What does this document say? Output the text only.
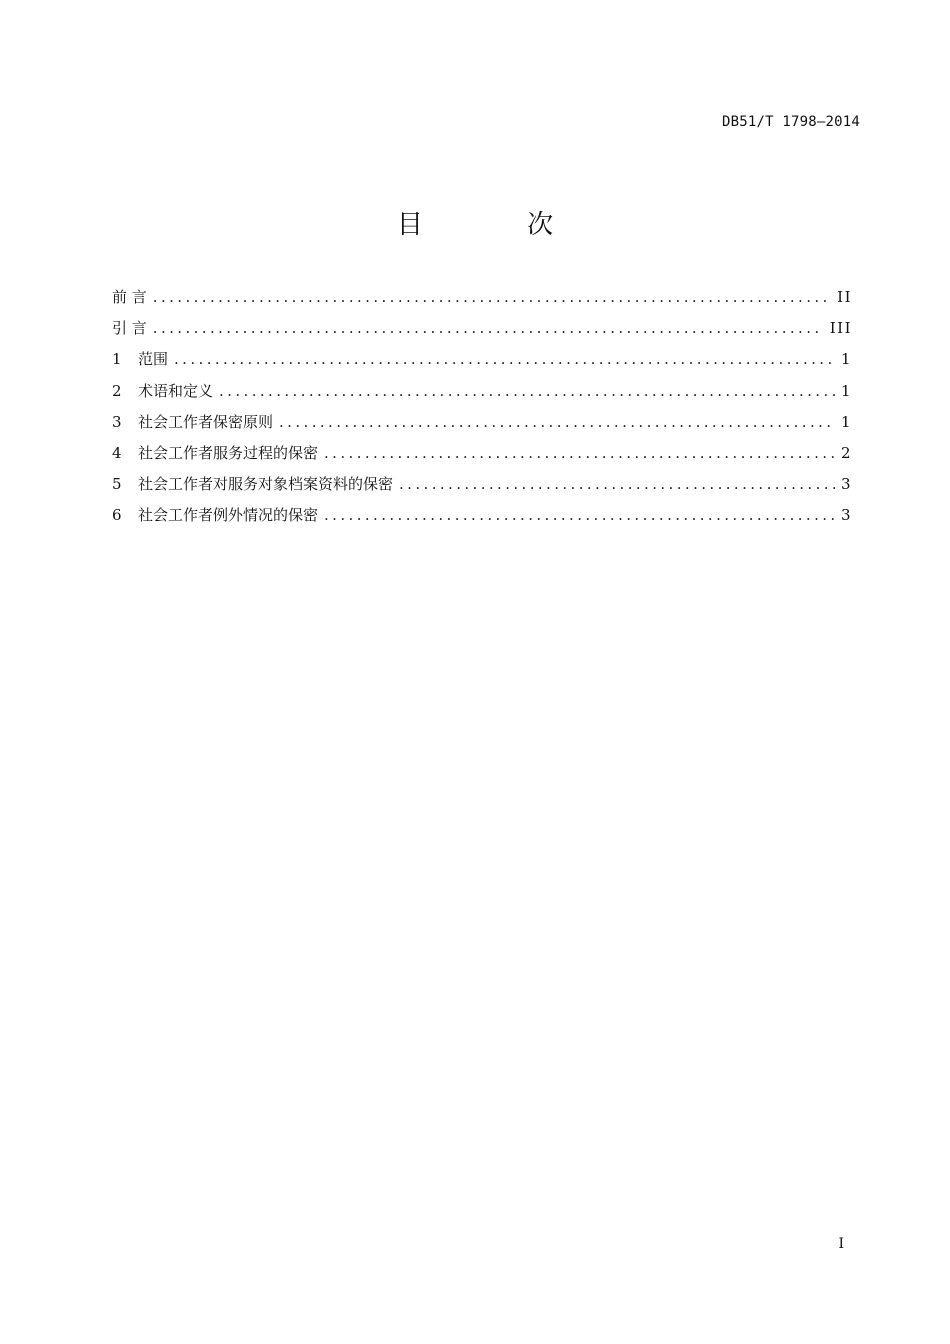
DB51/T 1798—2014
目 次
前 言 .....	II
引 言 .....	III
1	范围 .....	1
2	术语和定义 .....	1
3	社会工作者保密原则 .....	1
4	社会工作者服务过程的保密 .....	2
5	社会工作者对服务对象档案资料的保密 .....	3
6	社会工作者例外情况的保密 .....	3
I
